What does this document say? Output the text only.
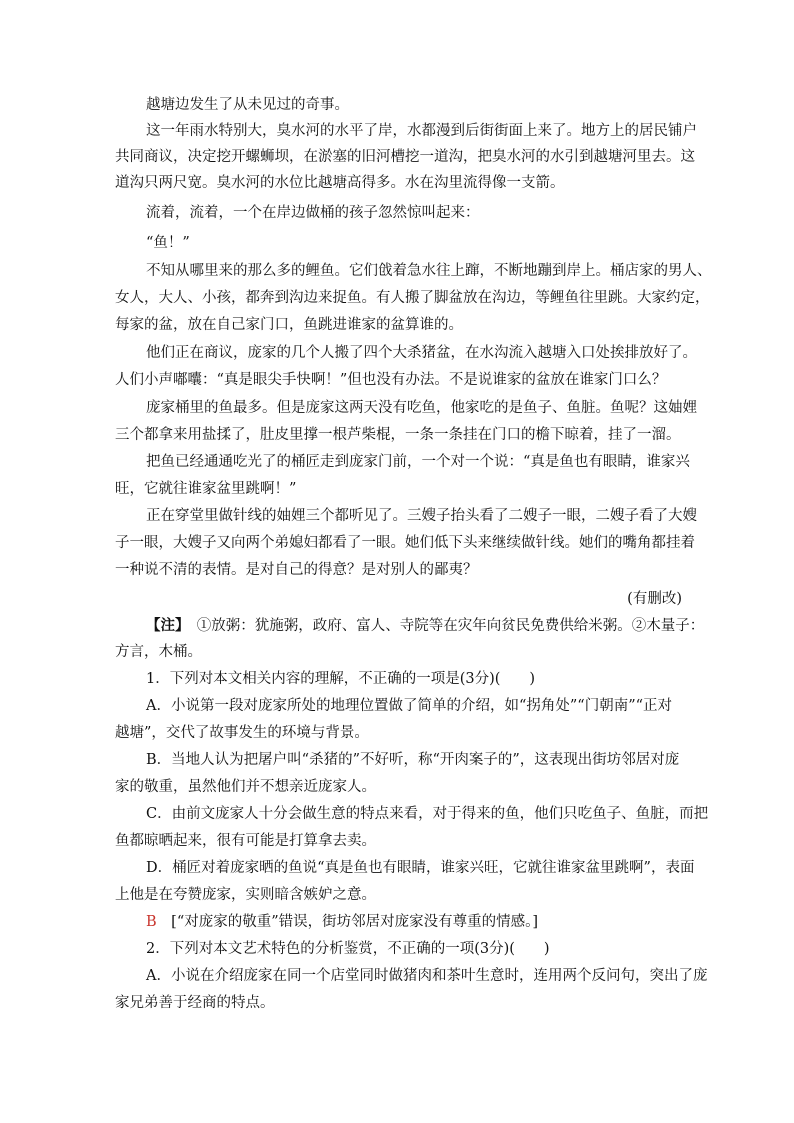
越塘边发生了从未见过的奇事。

这一年雨水特别大，臭水河的水平了岸，水都漫到后街街面上来了。地方上的居民铺户

共同商议，决定挖开螺蛳坝，在淤塞的旧河槽挖一道沟，把臭水河的水引到越塘河里去。这

道沟只两尺宽。臭水河的水位比越塘高得多。水在沟里流得像一支箭。

流着，流着，一个在岸边做桶的孩子忽然惊叫起来：

“鱼！”

不知从哪里来的那么多的鲤鱼。它们戗着急水往上蹿，不断地蹦到岸上。桶店家的男人、

女人，大人、小孩，都奔到沟边来捉鱼。有人搬了脚盆放在沟边，等鲤鱼往里跳。大家约定，

每家的盆，放在自己家门口，鱼跳进谁家的盆算谁的。

他们正在商议，庞家的几个人搬了四个大杀猪盆，在水沟流入越塘入口处挨排放好了。

人们小声嘟囔：“真是眼尖手快啊！”但也没有办法。不是说谁家的盆放在谁家门口么？

庞家桶里的鱼最多。但是庞家这两天没有吃鱼，他家吃的是鱼子、鱼脏。鱼呢？这妯娌

三个都拿来用盐揉了，肚皮里撑一根芦柴棍，一条一条挂在门口的檐下晾着，挂了一溜。

把鱼已经通通吃光了的桶匠走到庞家门前，一个对一个说：“真是鱼也有眼睛，谁家兴

旺，它就往谁家盆里跳啊！”

正在穿堂里做针线的妯娌三个都听见了。三嫂子抬头看了二嫂子一眼，二嫂子看了大嫂

子一眼，大嫂子又向两个弟媳妇都看了一眼。她们低下头来继续做针线。她们的嘴角都挂着

一种说不清的表情。是对自己的得意？是对别人的鄙夷？

(有删改)

【注】　 ①放粥：犹施粥，政府、富人、寺院等在灾年向贫民免费供给米粥。②木量子：

方言，木桶。

1．下列对本文相关内容的理解，不正确的一项是(3分)(　　)

A．小说第一段对庞家所处的地理位置做了简单的介绍，如“拐角处”“门朝南”“正对

越塘”，交代了故事发生的环境与背景。

B．当地人认为把屠户叫“杀猪的”不好听，称“开肉案子的”，这表现出街坊邻居对庞

家的敬重，虽然他们并不想亲近庞家人。

C．由前文庞家人十分会做生意的特点来看，对于得来的鱼，他们只吃鱼子、鱼脏，而把

鱼都晾晒起来，很有可能是打算拿去卖。

D．桶匠对着庞家晒的鱼说“真是鱼也有眼睛，谁家兴旺，它就往谁家盆里跳啊”，表面

上他是在夸赞庞家，实则暗含嫉妒之意。

B　 [“对庞家的敬重”错误，街坊邻居对庞家没有尊重的情感。]

2．下列对本文艺术特色的分析鉴赏，不正确的一项(3分)(　　)

A．小说在介绍庞家在同一个店堂同时做猪肉和茶叶生意时，连用两个反问句，突出了庞

家兄弟善于经商的特点。
